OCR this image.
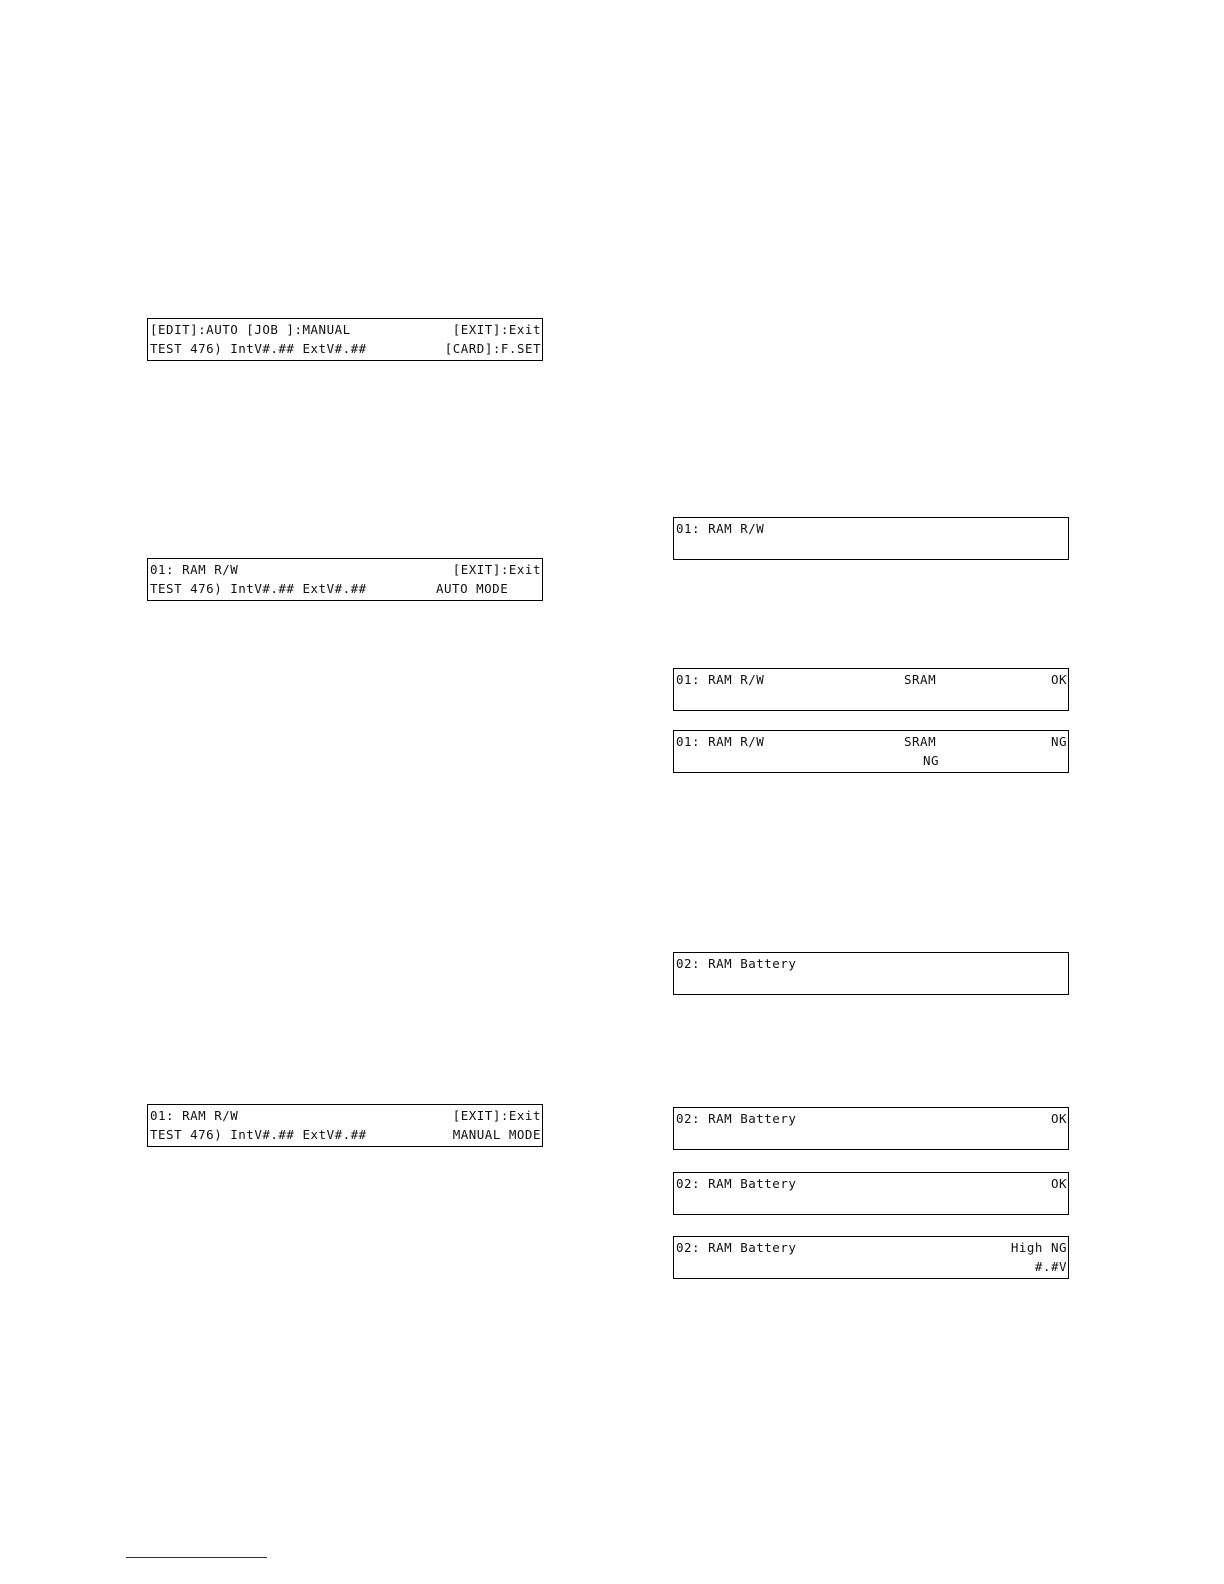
[EDIT]:AUTO [JOB ]:MANUAL

	[EXIT]:Exit

TEST 476) IntV#.## ExtV#.##

	[CARD]:F.SET

01: RAM R/W

	[EXIT]:Exit

TEST 476) IntV#.## ExtV#.##

	AUTO MODE

01: RAM R/W

	[EXIT]:Exit

TEST 476) IntV#.## ExtV#.##

	MANUAL MODE

01: RAM R/W

01: RAM R/W

	SRAM

	OK

01: RAM R/W

	SRAM

	NG

NG

02: RAM Battery

02: RAM Battery

	OK

02: RAM Battery

	OK

02: RAM Battery

	High NG

#.#V
